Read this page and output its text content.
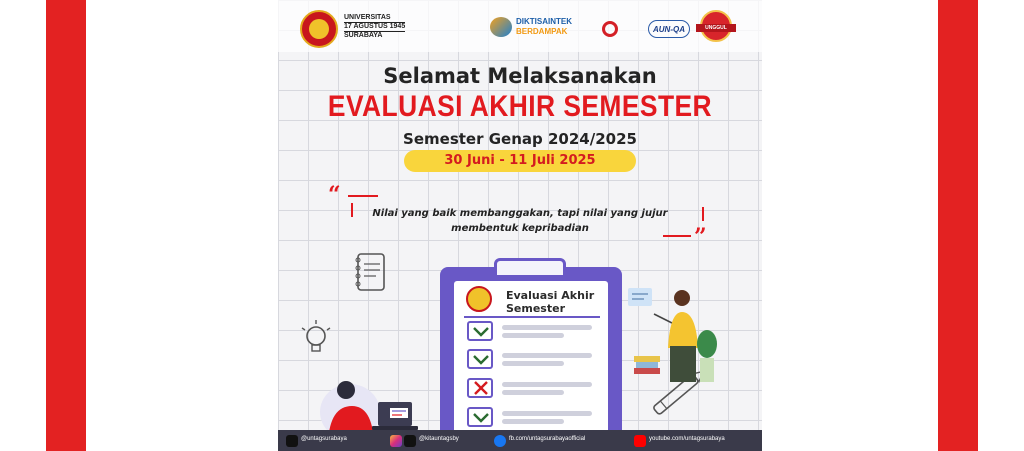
UNIVERSITAS
17 AGUSTUS 1945
SURABAYA
DIKTISAINTEK
BERDAMPAK	AUN-QA	UNGGUL
Selamat Melaksanakan
EVALUASI AKHIR SEMESTER
Semester Genap 2024/2025
30 Juni - 11 Juli 2025
“
Nilai yang baik membanggakan, tapi nilai yang jujur
membentuk kepribadian	”
Evaluasi Akhir
Semester
@untagsurabaya	@kitauntagsby	fb.com/untagsurabayaofficial	youtube.com/untagsurabaya
